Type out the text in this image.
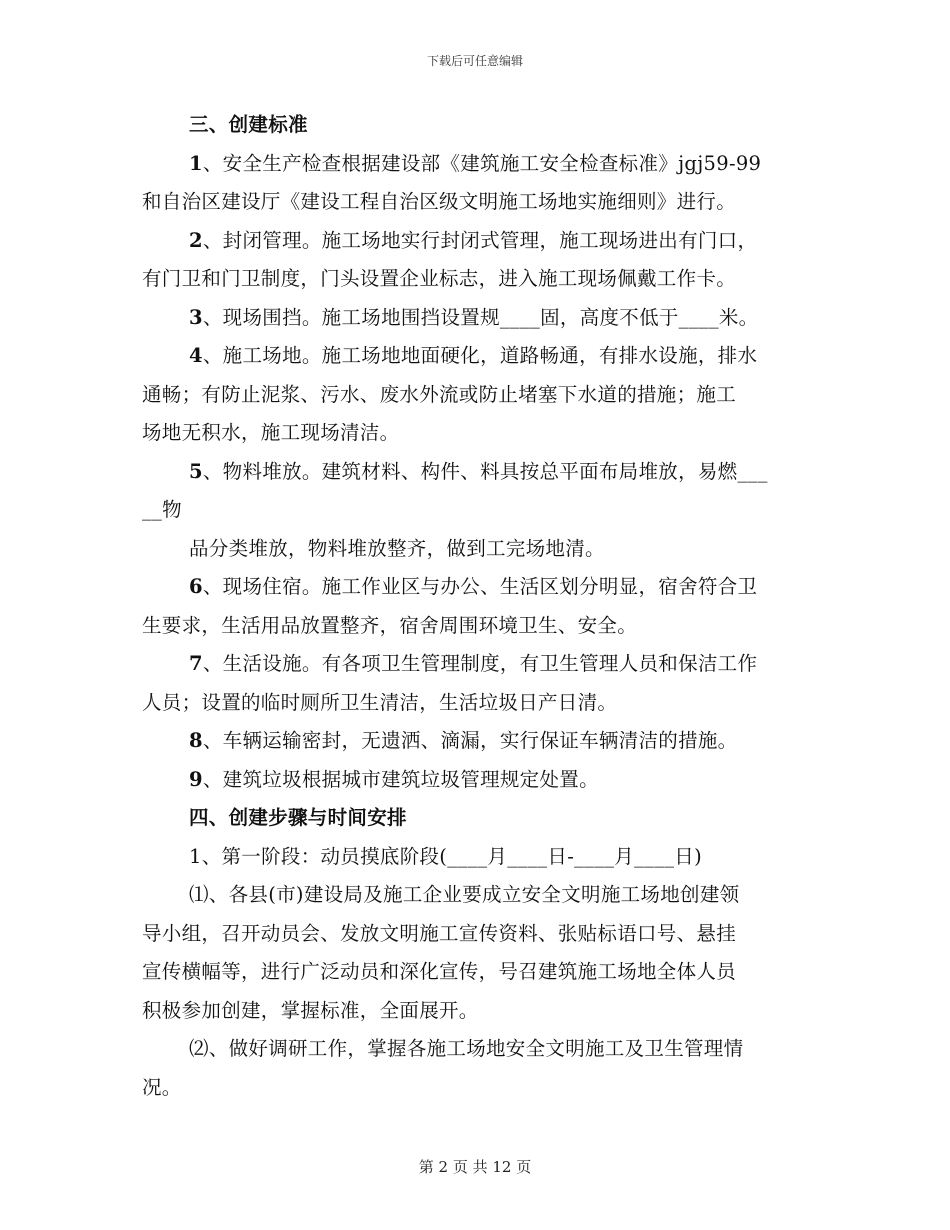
下载后可任意编辑
三、创建标准
1、安全生产检查根据建设部《建筑施工安全检查标准》jgj59-99
和自治区建设厅《建设工程自治区级文明施工场地实施细则》进行。
2、封闭管理。施工场地实行封闭式管理，施工现场进出有门口，
有门卫和门卫制度，门头设置企业标志，进入施工现场佩戴工作卡。
3、现场围挡。施工场地围挡设置规____固，高度不低于____米。
4、施工场地。施工场地地面硬化，道路畅通，有排水设施，排水
通畅；有防止泥浆、污水、废水外流或防止堵塞下水道的措施；施工
场地无积水，施工现场清洁。
5、物料堆放。建筑材料、构件、料具按总平面布局堆放，易燃___
__物
品分类堆放，物料堆放整齐，做到工完场地清。
6、现场住宿。施工作业区与办公、生活区划分明显，宿舍符合卫
生要求，生活用品放置整齐，宿舍周围环境卫生、安全。
7、生活设施。有各项卫生管理制度，有卫生管理人员和保洁工作
人员；设置的临时厕所卫生清洁，生活垃圾日产日清。
8、车辆运输密封，无遗洒、滴漏，实行保证车辆清洁的措施。
9、建筑垃圾根据城市建筑垃圾管理规定处置。
四、创建步骤与时间安排
1、第一阶段：动员摸底阶段(____月____日-____月____日)
⑴、各县(市)建设局及施工企业要成立安全文明施工场地创建领
导小组，召开动员会、发放文明施工宣传资料、张贴标语口号、悬挂
宣传横幅等，进行广泛动员和深化宣传，号召建筑施工场地全体人员
积极参加创建，掌握标准，全面展开。
⑵、做好调研工作，掌握各施工场地安全文明施工及卫生管理情
况。
第 2 页 共 12 页
